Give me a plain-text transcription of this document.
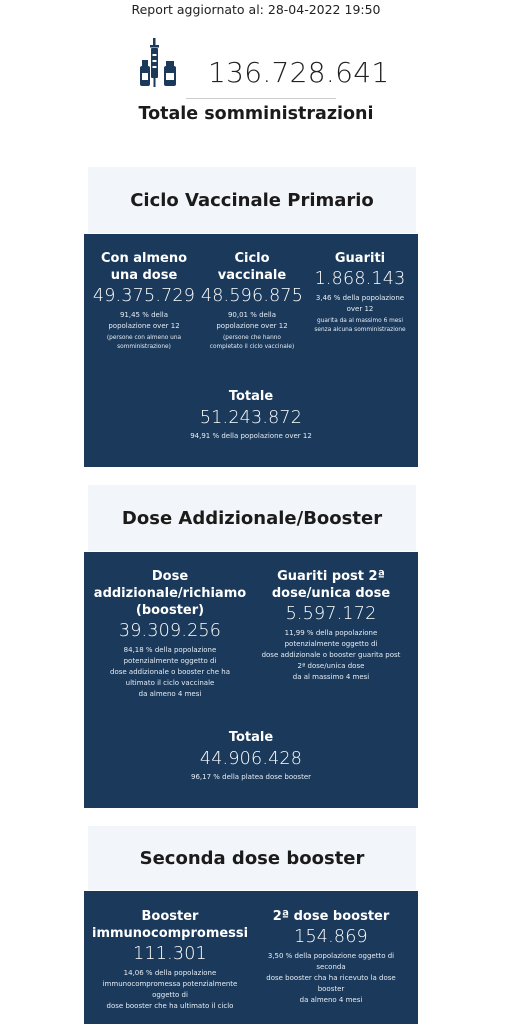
Report aggiornato al: 28-04-2022 19:50
136.728.641
Totale somministrazioni
Ciclo Vaccinale Primario
Con almeno
una dose
49.375.729
91,45 % della
popolazione over 12
(persone con almeno una
somministrazione)
Ciclo
vaccinale
48.596.875
90,01 % della
popolazione over 12
(persone che hanno
completato il ciclo vaccinale)
Guariti
1.868.143
3,46 % della popolazione
over 12
guarita da al massimo 6 mesi
senza alcuna somministrazione
Totale
51.243.872
94,91 % della popolazione over 12
Dose Addizionale/Booster
Dose
addizionale/richiamo
(booster)
39.309.256
84,18 % della popolazione
potenzialmente oggetto di
dose addizionale o booster che ha
ultimato il ciclo vaccinale
da almeno 4 mesi
Guariti post 2ª
dose/unica dose
5.597.172
11,99 % della popolazione
potenzialmente oggetto di
dose addizionale o booster guarita post
2ª dose/unica dose
da al massimo 4 mesi
Totale
44.906.428
96,17 % della platea dose booster
Seconda dose booster
Booster
immunocompromessi
111.301
14,06 % della popolazione
immunocompromessa potenzialmente
oggetto di
dose booster che ha ultimato il ciclo
2ª dose booster
154.869
3,50 % della popolazione oggetto di
seconda
dose booster cha ha ricevuto la dose
booster
da almeno 4 mesi
